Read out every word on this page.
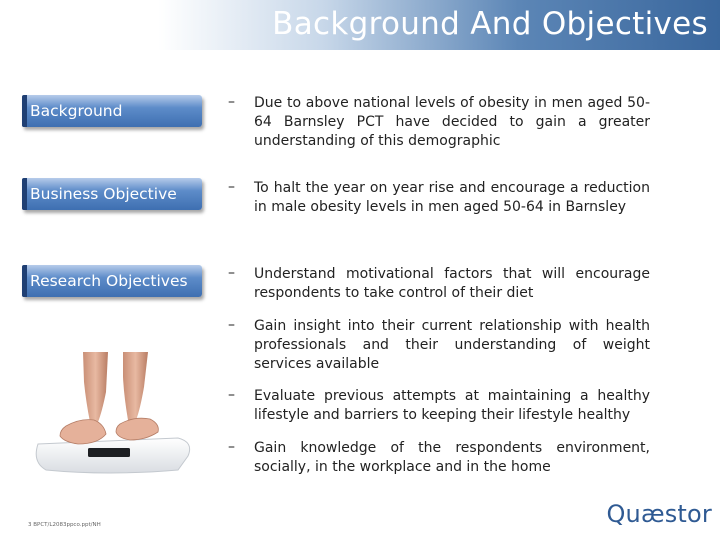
Background And Objectives
Background
Business Objective
Research Objectives
– Due to above national levels of obesity in men aged 50-64 Barnsley PCT have decided to gain a greater understanding of this demographic
– To halt the year on year rise and encourage a reduction in male obesity levels in men aged 50-64 in Barnsley
– Understand motivational factors that will encourage respondents to take control of their diet
– Gain insight into their current relationship with health professionals and their understanding of weight services available
– Evaluate previous attempts at maintaining a healthy lifestyle and barriers to keeping their lifestyle healthy
– Gain knowledge of the respondents environment, socially, in the workplace and in the home
3 BPCT/L2083ppco.ppt/NH	Quæstor
